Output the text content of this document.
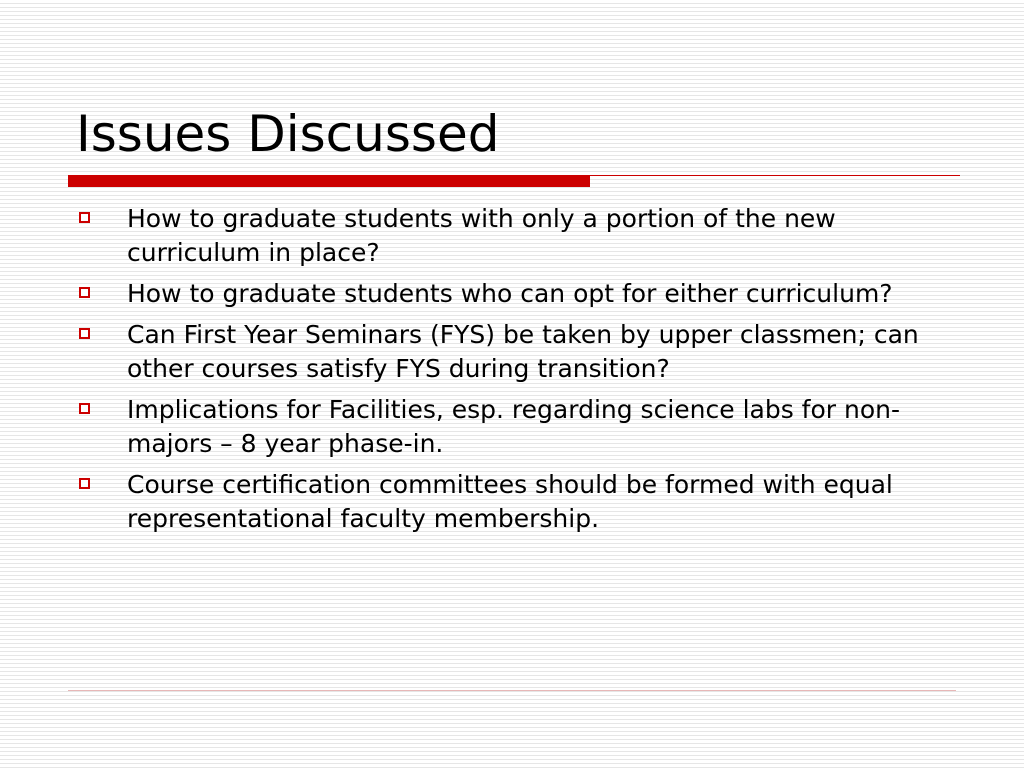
Issues Discussed
How to graduate students with only a portion of the new curriculum in place?
How to graduate students who can opt for either curriculum?
Can First Year Seminars (FYS) be taken by upper classmen; can other courses satisfy FYS during transition?
Implications for Facilities, esp. regarding science labs for non-majors – 8 year phase-in.
Course certification committees should be formed with equal representational faculty membership.
